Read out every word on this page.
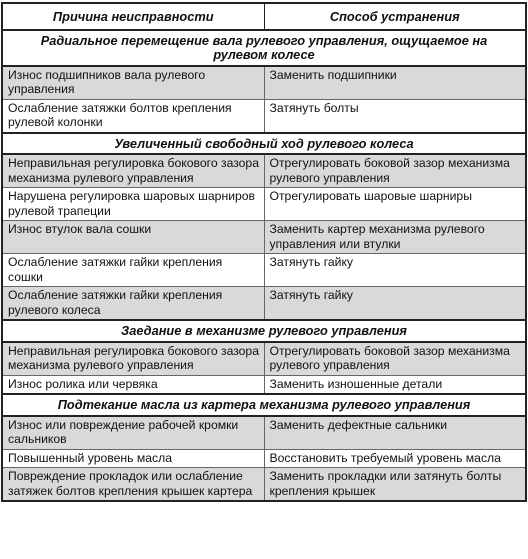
Причина неисправности	Способ устранения
Радиальное перемещение вала рулевого управления, ощущаемое на рулевом колесе	
Износ подшипников вала рулевого управления	Заменить подшипники
Ослабление затяжки болтов крепления рулевой колонки	Затянуть болты
Увеличенный свободный ход рулевого колеса	
Неправильная регулировка бокового зазора механизма рулевого управления	Отрегулировать боковой зазор механизма рулевого управления
Нарушена регулировка шаровых шарниров рулевой трапеции	Отрегулировать шаровые шарниры
Износ втулок вала сошки	Заменить картер механизма рулевого управления или втулки
Ослабление затяжки гайки крепления сошки	Затянуть гайку
Ослабление затяжки гайки крепления рулевого колеса	Затянуть гайку
Заедание в механизме рулевого управления	
Неправильная регулировка бокового зазора механизма рулевого управления	Отрегулировать боковой зазор механизма рулевого управления
Износ ролика или червяка	Заменить изношенные детали
Подтекание масла из картера механизма рулевого управления	
Износ или повреждение рабочей кромки сальников	Заменить дефектные сальники
Повышенный уровень масла	Восстановить требуемый уровень масла
Повреждение прокладок или ослабление затяжек болтов крепления крышек картера	Заменить прокладки или затянуть болты крепления крышек
